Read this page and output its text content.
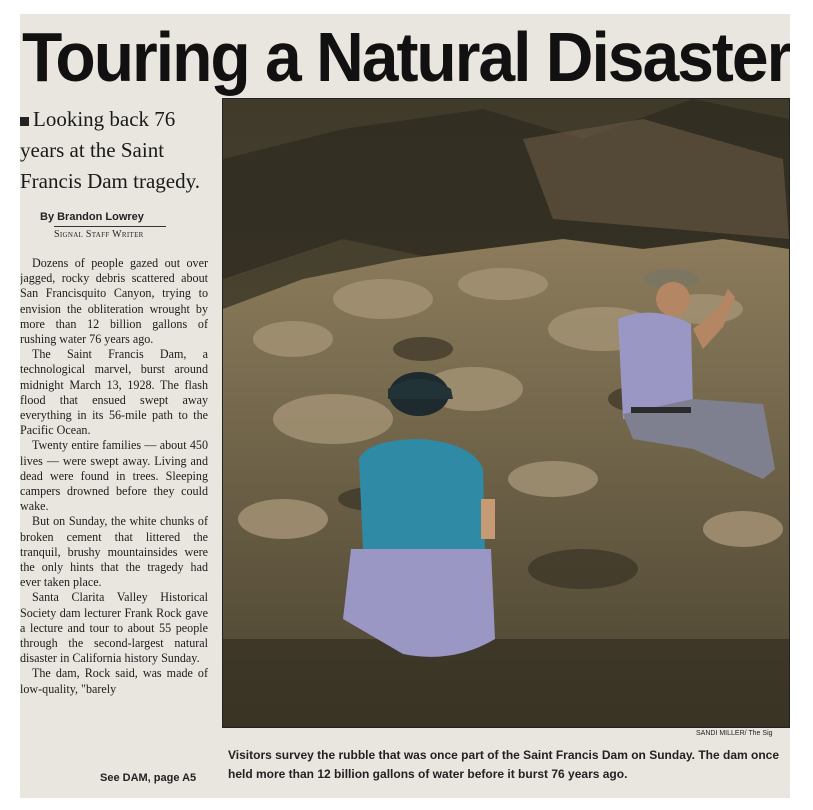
Touring a Natural Disaster
Looking back 76 years at the Saint Francis Dam tragedy.
By Brandon Lowrey
Signal Staff Writer

Dozens of people gazed out over jagged, rocky debris scattered about San Francisquito Canyon, trying to envision the obliteration wrought by more than 12 billion gallons of rushing water 76 years ago.

The Saint Francis Dam, a technological marvel, burst around midnight March 13, 1928. The flash flood that ensued swept away everything in its 56-mile path to the Pacific Ocean.

Twenty entire families — about 450 lives — were swept away. Living and dead were found in trees. Sleeping campers drowned before they could wake.

But on Sunday, the white chunks of broken cement that littered the tranquil, brushy mountainsides were the only hints that the tragedy had ever taken place.

Santa Clarita Valley Historical Society dam lecturer Frank Rock gave a lecture and tour to about 55 people through the second-largest natural disaster in California history Sunday.

The dam, Rock said, was made of low-quality, "barely

See DAM, page A5
SANDI MILLER/ The Sig
Visitors survey the rubble that was once part of the Saint Francis Dam on Sunday. The dam once held more than 12 billion gallons of water before it burst 76 years ago.
